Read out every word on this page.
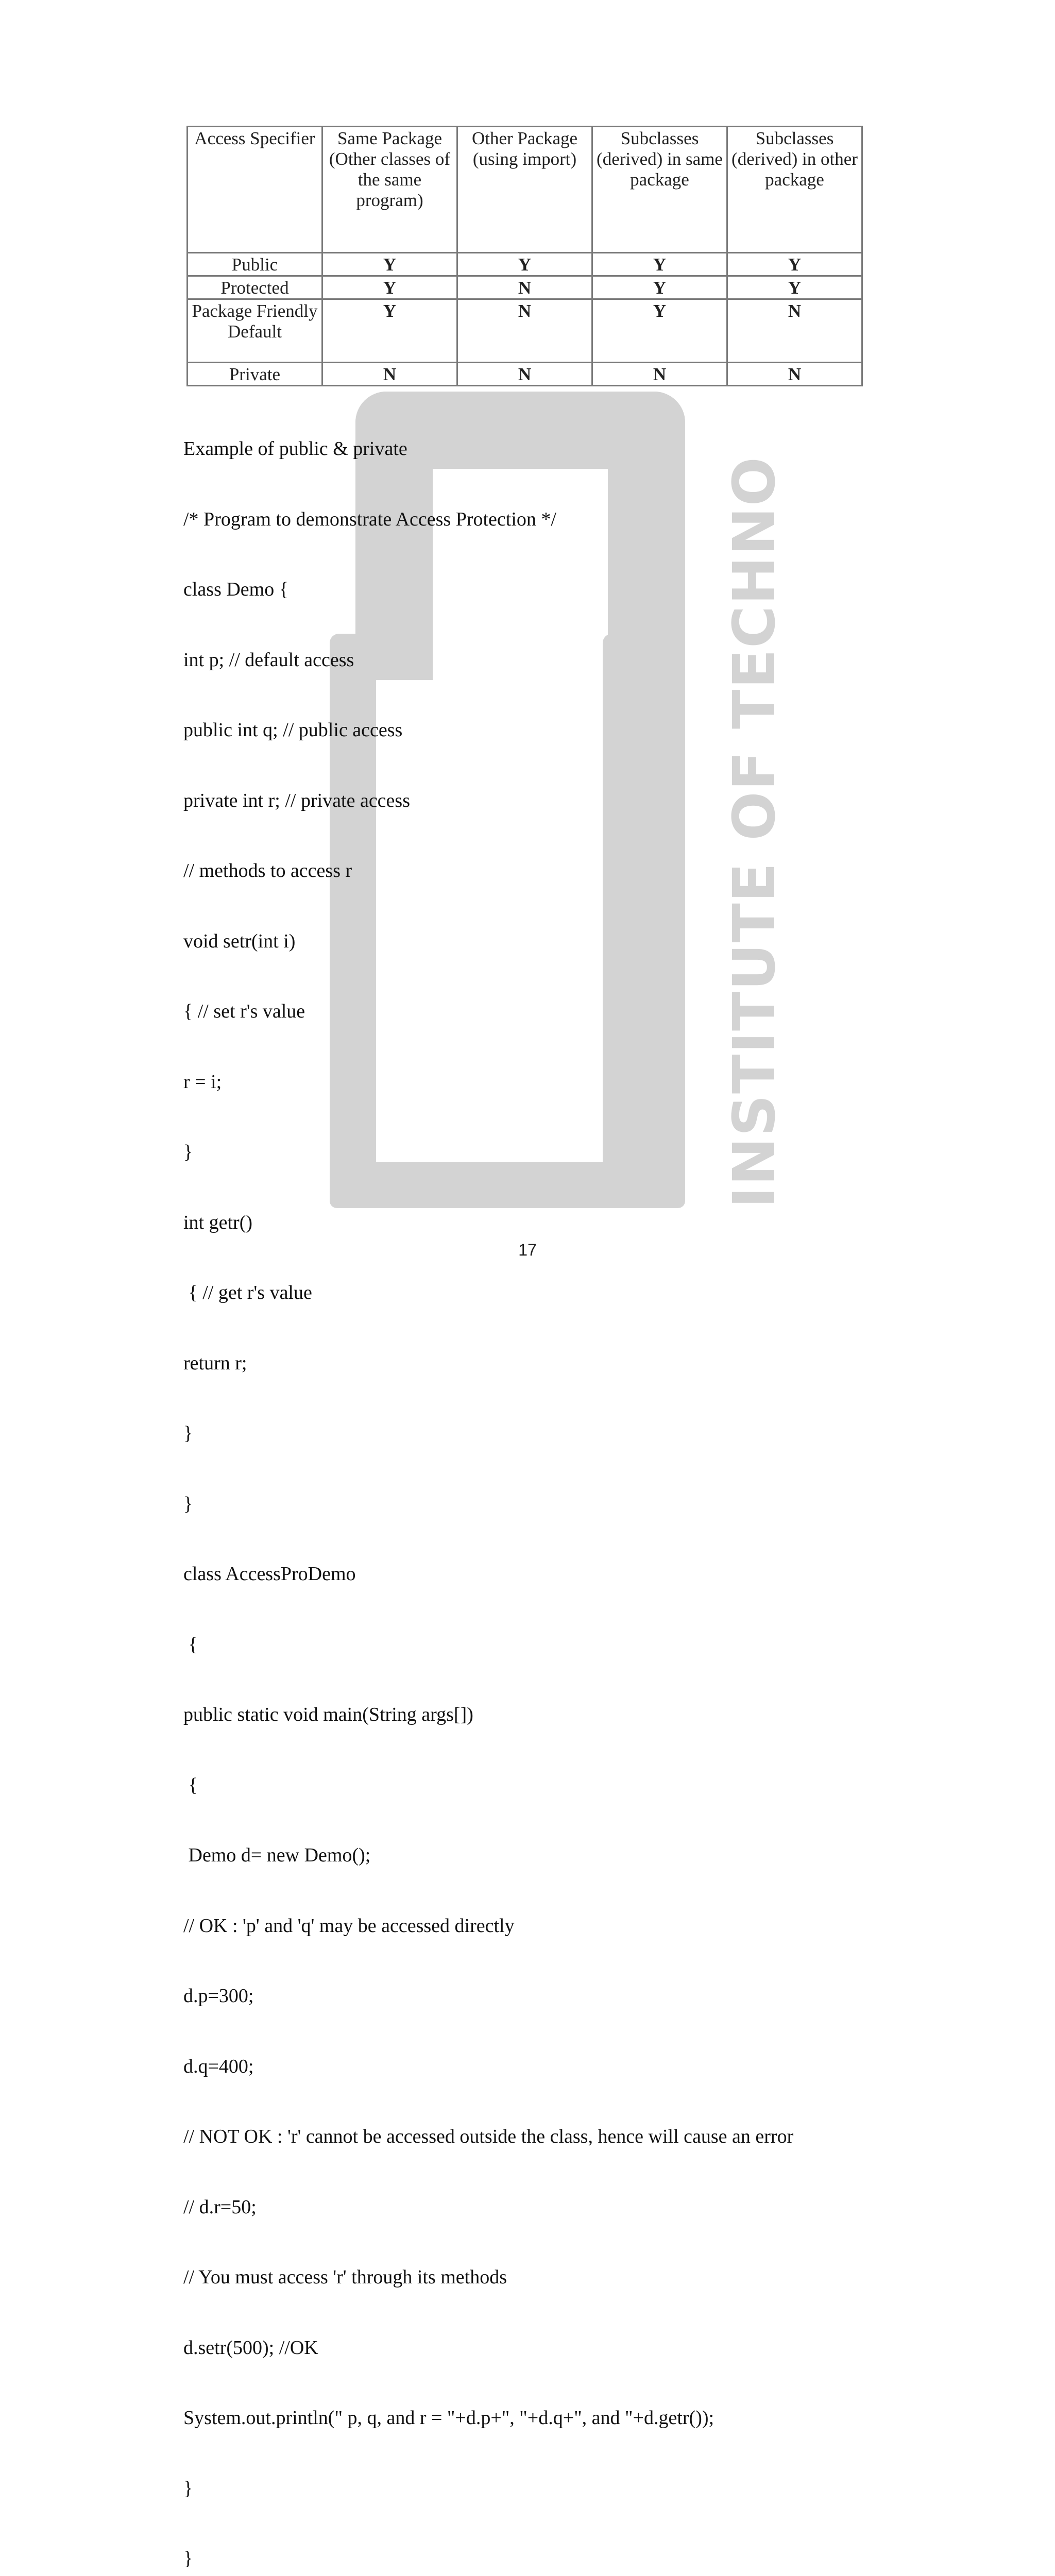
INSTITUTE OF TECHNO
Access Specifier	Same Package (Other classes of the same program)	Other Package (using import)	Subclasses (derived) in same package	Subclasses (derived) in other package
Public	Y	Y	Y	Y
Protected	Y	N	Y	Y
Package Friendly Default	Y	N	Y	N
Private	N	N	N	N

Example of public & private

/* Program to demonstrate Access Protection */

class Demo {

int p; // default access

public int q; // public access

private int r; // private access

// methods to access r

void setr(int i)

{ // set r's value

r = i;

}

int getr()

{ // get r's value

return r;

}

}

class AccessProDemo

{

public static void main(String args[])

{

Demo d= new Demo();

// OK : 'p' and 'q' may be accessed directly

d.p=300;

d.q=400;

// NOT OK : 'r' cannot be accessed outside the class, hence will cause an error

// d.r=50;

// You must access 'r' through its methods

d.setr(500); //OK

System.out.println(" p, q, and r = "+d.p+", "+d.q+", and "+d.getr());

}

}

17
